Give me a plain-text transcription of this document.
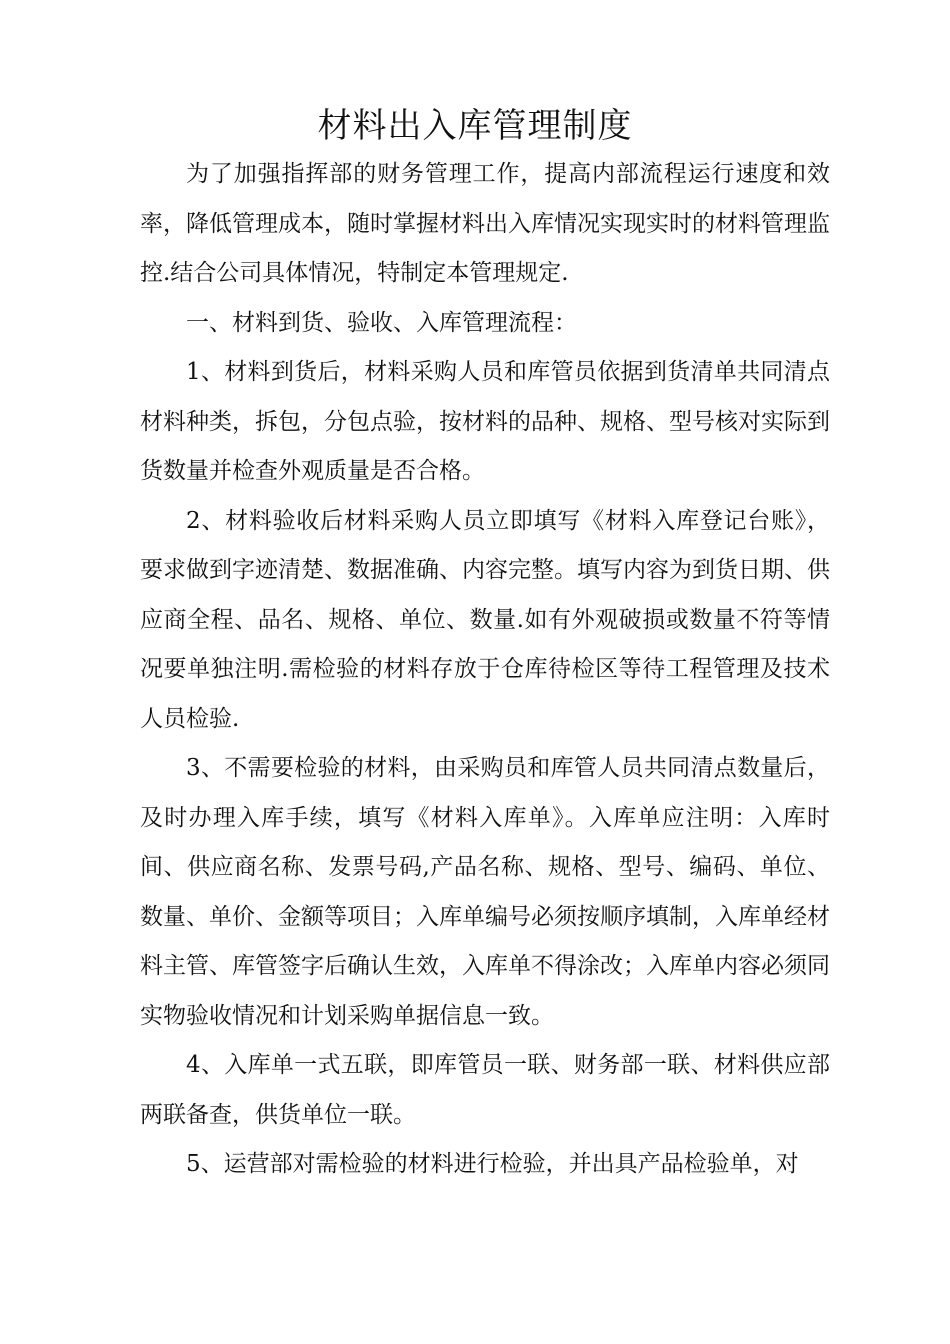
材料出入库管理制度

为了加强指挥部的财务管理工作，提高内部流程运行速度和效率，降低管理成本，随时掌握材料出入库情况实现实时的材料管理监控.结合公司具体情况，特制定本管理规定.

一、材料到货、验收、入库管理流程：

1、材料到货后，材料采购人员和库管员依据到货清单共同清点材料种类，拆包，分包点验，按材料的品种、规格、型号核对实际到货数量并检查外观质量是否合格。

2、材料验收后材料采购人员立即填写《材料入库登记台账》，要求做到字迹清楚、数据准确、内容完整。填写内容为到货日期、供应商全程、品名、规格、单位、数量.如有外观破损或数量不符等情况要单独注明.需检验的材料存放于仓库待检区等待工程管理及技术人员检验.

3、不需要检验的材料，由采购员和库管人员共同清点数量后，及时办理入库手续，填写《材料入库单》。入库单应注明：入库时间、供应商名称、发票号码,产品名称、规格、型号、编码、单位、数量、单价、金额等项目；入库单编号必须按顺序填制，入库单经材料主管、库管签字后确认生效，入库单不得涂改；入库单内容必须同实物验收情况和计划采购单据信息一致。

4、入库单一式五联，即库管员一联、财务部一联、材料供应部两联备查，供货单位一联。

5、运营部对需检验的材料进行检验，并出具产品检验单，对
